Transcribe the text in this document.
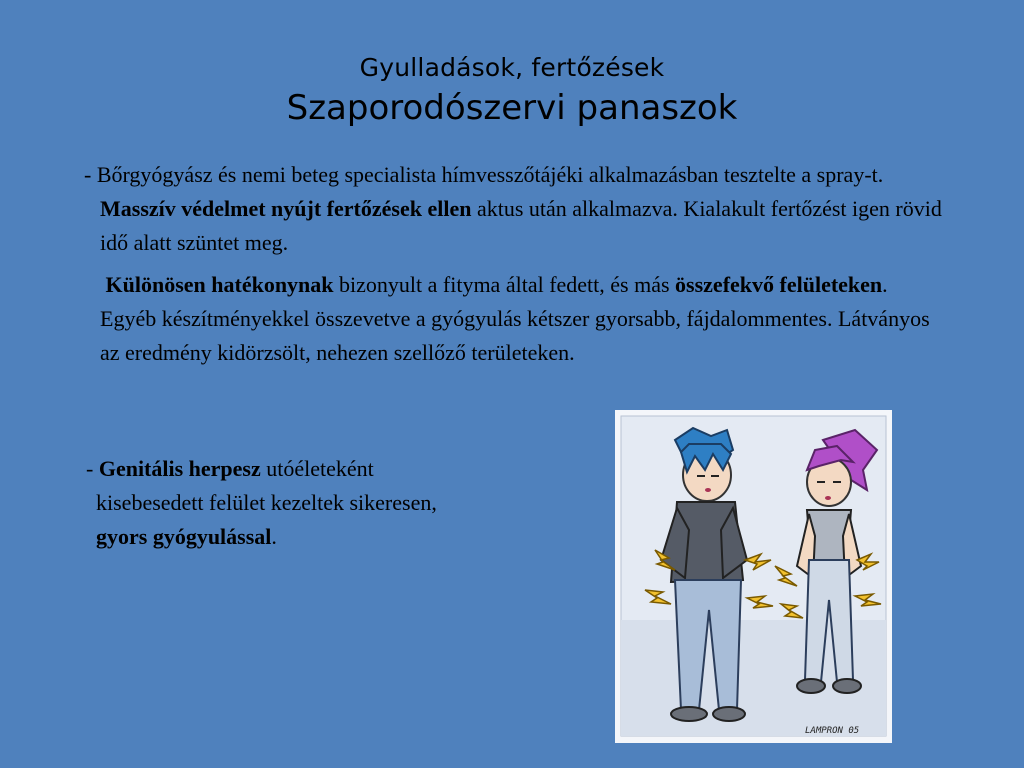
Gyulladások, fertőzések
Szaporodószervi panaszok
- Bőrgyógyász és nemi beteg specialista hímvesszőtájéki alkalmazásban tesztelte a spray-t. Masszív védelmet nyújt fertőzések ellen aktus után alkalmazva. Kialakult fertőzést igen rövid idő alatt szüntet meg.
Különösen hatékonynak bizonyult a fityma által fedett, és más összefekvő felületeken. Egyéb készítményekkel összevetve a gyógyulás kétszer gyorsabb, fájdalommentes. Látványos az eredmény kidörzsölt, nehezen szellőző területeken.
- Genitális herpesz utóéleteként
kisebesedett felület kezeltek sikeresen,
gyors gyógyulással.
LAMPRON 05
